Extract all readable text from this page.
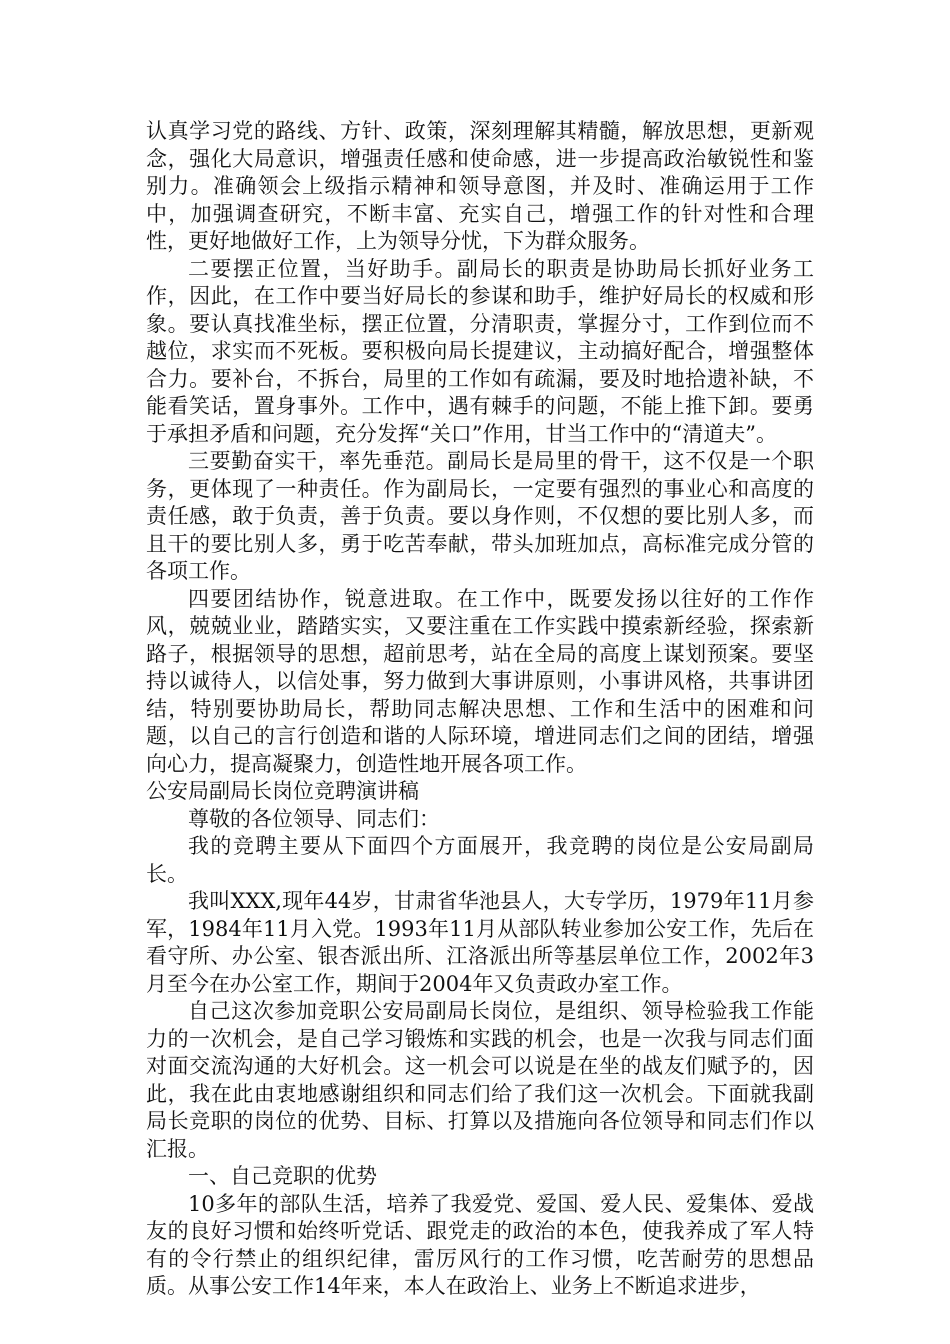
认真学习党的路线、方针、政策，深刻理解其精髓，解放思想，更新观念，强化大局意识，增强责任感和使命感，进一步提高政治敏锐性和鉴别力。准确领会上级指示精神和领导意图，并及时、准确运用于工作中，加强调查研究，不断丰富、充实自己，增强工作的针对性和合理性，更好地做好工作，上为领导分忧，下为群众服务。

二要摆正位置，当好助手。副局长的职责是协助局长抓好业务工作，因此，在工作中要当好局长的参谋和助手，维护好局长的权威和形象。要认真找准坐标，摆正位置，分清职责，掌握分寸，工作到位而不越位，求实而不死板。要积极向局长提建议，主动搞好配合，增强整体合力。要补台，不拆台，局里的工作如有疏漏，要及时地拾遗补缺，不能看笑话，置身事外。工作中，遇有棘手的问题，不能上推下卸。要勇于承担矛盾和问题，充分发挥“关口”作用，甘当工作中的“清道夫”。

三要勤奋实干，率先垂范。副局长是局里的骨干，这不仅是一个职务，更体现了一种责任。作为副局长，一定要有强烈的事业心和高度的责任感，敢于负责，善于负责。要以身作则，不仅想的要比别人多，而且干的要比别人多，勇于吃苦奉献，带头加班加点，高标准完成分管的各项工作。

四要团结协作，锐意进取。在工作中，既要发扬以往好的工作作风，兢兢业业，踏踏实实，又要注重在工作实践中摸索新经验，探索新路子，根据领导的思想，超前思考，站在全局的高度上谋划预案。要坚持以诚待人，以信处事，努力做到大事讲原则，小事讲风格，共事讲团结，特别要协助局长，帮助同志解决思想、工作和生活中的困难和问题，以自己的言行创造和谐的人际环境，增进同志们之间的团结，增强向心力，提高凝聚力，创造性地开展各项工作。

公安局副局长岗位竞聘演讲稿

尊敬的各位领导、同志们：

我的竞聘主要从下面四个方面展开，我竞聘的岗位是公安局副局长。

我叫XXX,现年44岁，甘肃省华池县人，大专学历，1979年11月参军，1984年11月入党。1993年11月从部队转业参加公安工作，先后在看守所、办公室、银杏派出所、江洛派出所等基层单位工作，2002年3月至今在办公室工作，期间于2004年又负责政办室工作。

自己这次参加竞职公安局副局长岗位，是组织、领导检验我工作能力的一次机会，是自己学习锻炼和实践的机会，也是一次我与同志们面对面交流沟通的大好机会。这一机会可以说是在坐的战友们赋予的，因此，我在此由衷地感谢组织和同志们给了我们这一次机会。下面就我副局长竞职的岗位的优势、目标、打算以及措施向各位领导和同志们作以汇报。

一、自己竞职的优势

10多年的部队生活，培养了我爱党、爱国、爱人民、爱集体、爱战友的良好习惯和始终听党话、跟党走的政治的本色，使我养成了军人特有的令行禁止的组织纪律，雷厉风行的工作习惯，吃苦耐劳的思想品质。从事公安工作14年来，本人在政治上、业务上不断追求进步，
